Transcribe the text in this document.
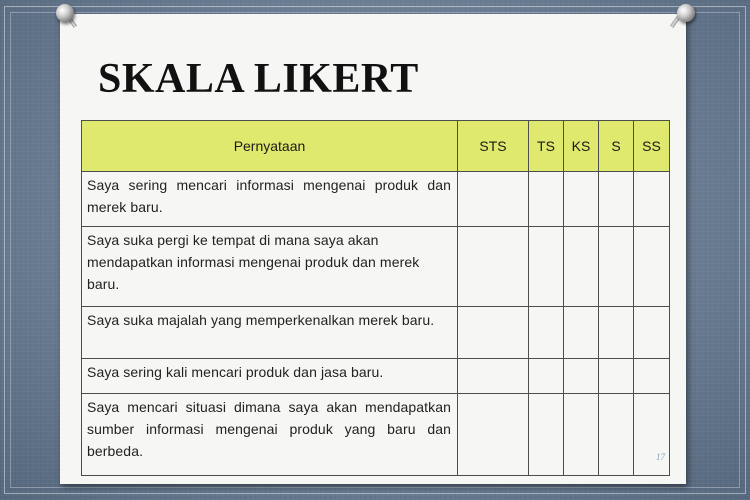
SKALA LIKERT
Pernyataan	STS	TS	KS	S	SS
Saya sering mencari informasi mengenai produk dan merek baru.					
Saya suka pergi ke tempat di mana saya akan mendapatkan informasi mengenai produk dan merek baru.					
Saya suka majalah yang memperkenalkan merek baru.					
Saya sering kali mencari produk dan jasa baru.					
Saya mencari situasi dimana saya akan mendapatkan sumber informasi mengenai produk yang baru dan berbeda.						17
